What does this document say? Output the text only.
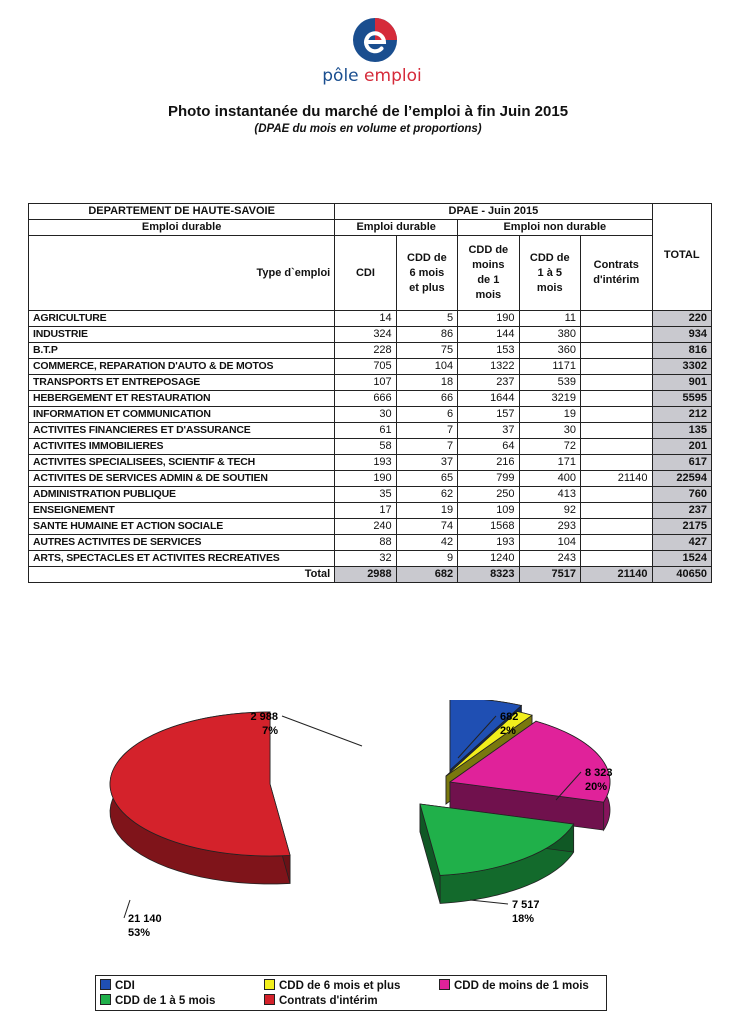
pôle emploi
Photo instantanée du marché de l’emploi à fin Juin 2015
(DPAE du mois en volume et proportions)
DEPARTEMENT DE HAUTE-SAVOIE	DPAE - Juin 2015					TOTAL
Emploi durable	Emploi durable		Emploi non durable			
Type d`emploi	CDI	CDD de
6 mois
et plus	CDD de
moins
de 1
mois	CDD de
1 à 5
mois	Contrats
d'intérim	
AGRICULTURE	14	5	190	11		220
INDUSTRIE	324	86	144	380		934
B.T.P	228	75	153	360		816
COMMERCE, REPARATION D'AUTO & DE MOTOS	705	104	1322	1171		3302
TRANSPORTS ET ENTREPOSAGE	107	18	237	539		901
HEBERGEMENT ET RESTAURATION	666	66	1644	3219		5595
INFORMATION ET COMMUNICATION	30	6	157	19		212
ACTIVITES FINANCIERES ET D'ASSURANCE	61	7	37	30		135
ACTIVITES IMMOBILIERES	58	7	64	72		201
ACTIVITES SPECIALISEES, SCIENTIF & TECH	193	37	216	171		617
ACTIVITES DE SERVICES ADMIN & DE SOUTIEN	190	65	799	400	21140	22594
ADMINISTRATION PUBLIQUE	35	62	250	413		760
ENSEIGNEMENT	17	19	109	92		237
SANTE HUMAINE ET ACTION SOCIALE	240	74	1568	293		2175
AUTRES ACTIVITES DE SERVICES	88	42	193	104		427
ARTS, SPECTACLES ET ACTIVITES RECREATIVES	32	9	1240	243		1524
Total	2988	682	8323	7517	21140	40650
2 988
7%
682
2%
8 323
20%
7 517
18%
21 140
53%
CDI	CDD de 6 mois et plus	CDD de moins de 1 mois
CDD de 1 à 5 mois	Contrats d'intérim
